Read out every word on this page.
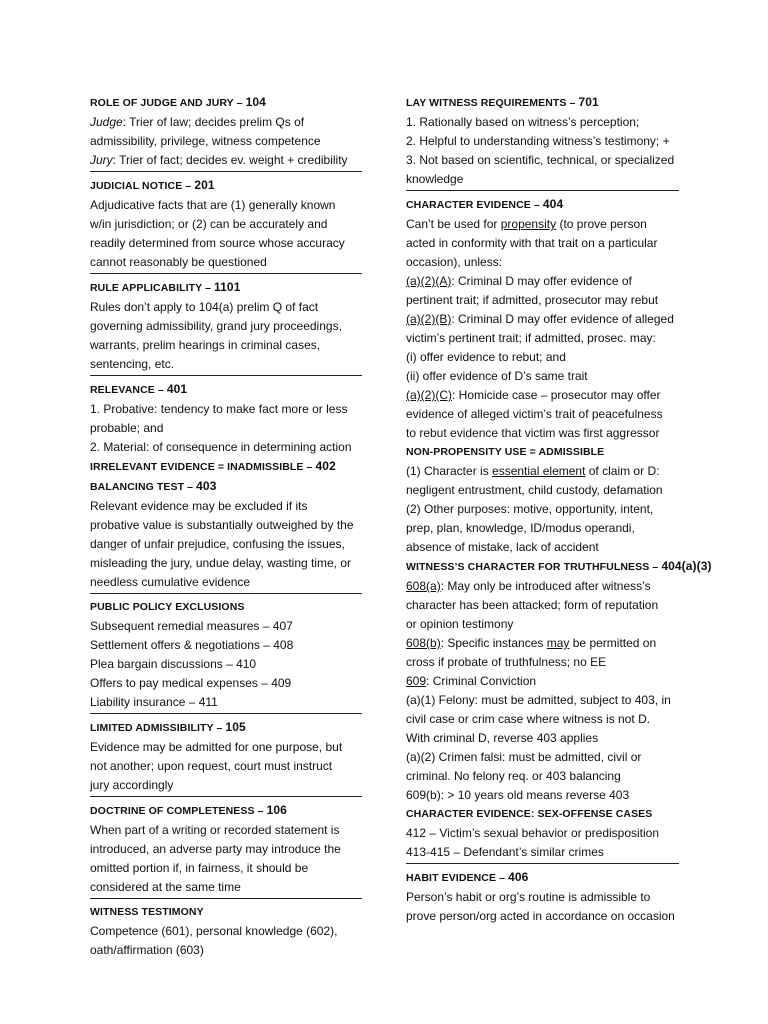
ROLE OF JUDGE AND JURY – 104
Judge: Trier of law; decides prelim Qs of
admissibility, privilege, witness competence
Jury: Trier of fact; decides ev. weight + credibility
JUDICIAL NOTICE – 201
Adjudicative facts that are (1) generally known
w/in jurisdiction; or (2) can be accurately and
readily determined from source whose accuracy
cannot reasonably be questioned
RULE APPLICABILITY – 1101
Rules don’t apply to 104(a) prelim Q of fact
governing admissibility, grand jury proceedings,
warrants, prelim hearings in criminal cases,
sentencing, etc.
RELEVANCE – 401
1. Probative: tendency to make fact more or less
probable; and
2. Material: of consequence in determining action
IRRELEVANT EVIDENCE = INADMISSIBLE – 402
BALANCING TEST – 403
Relevant evidence may be excluded if its
probative value is substantially outweighed by the
danger of unfair prejudice, confusing the issues,
misleading the jury, undue delay, wasting time, or
needless cumulative evidence
PUBLIC POLICY EXCLUSIONS
Subsequent remedial measures – 407
Settlement offers & negotiations – 408
Plea bargain discussions – 410
Offers to pay medical expenses – 409
Liability insurance – 411
LIMITED ADMISSIBILITY – 105
Evidence may be admitted for one purpose, but
not another; upon request, court must instruct
jury accordingly
DOCTRINE OF COMPLETENESS – 106
When part of a writing or recorded statement is
introduced, an adverse party may introduce the
omitted portion if, in fairness, it should be
considered at the same time
WITNESS TESTIMONY
Competence (601), personal knowledge (602),
oath/affirmation (603)
LAY WITNESS REQUIREMENTS – 701
1. Rationally based on witness’s perception;
2. Helpful to understanding witness’s testimony; +
3. Not based on scientific, technical, or specialized
knowledge
CHARACTER EVIDENCE – 404
Can’t be used for propensity (to prove person
acted in conformity with that trait on a particular
occasion), unless:
(a)(2)(A): Criminal D may offer evidence of
pertinent trait; if admitted, prosecutor may rebut
(a)(2)(B): Criminal D may offer evidence of alleged
victim’s pertinent trait; if admitted, prosec. may:
(i) offer evidence to rebut; and
(ii) offer evidence of D’s same trait
(a)(2)(C): Homicide case – prosecutor may offer
evidence of alleged victim’s trait of peacefulness
to rebut evidence that victim was first aggressor
NON-PROPENSITY USE = ADMISSIBLE
(1) Character is essential element of claim or D:
negligent entrustment, child custody, defamation
(2) Other purposes: motive, opportunity, intent,
prep, plan, knowledge, ID/modus operandi,
absence of mistake, lack of accident
WITNESS’S CHARACTER FOR TRUTHFULNESS – 404(a)(3)
608(a): May only be introduced after witness’s
character has been attacked; form of reputation
or opinion testimony
608(b): Specific instances may be permitted on
cross if probate of truthfulness; no EE
609: Criminal Conviction
(a)(1) Felony: must be admitted, subject to 403, in
civil case or crim case where witness is not D.
With criminal D, reverse 403 applies
(a)(2) Crimen falsi: must be admitted, civil or
criminal. No felony req. or 403 balancing
609(b): > 10 years old means reverse 403
CHARACTER EVIDENCE: SEX-OFFENSE CASES
412 – Victim’s sexual behavior or predisposition
413-415 – Defendant’s similar crimes
HABIT EVIDENCE – 406
Person’s habit or org’s routine is admissible to
prove person/org acted in accordance on occasion
